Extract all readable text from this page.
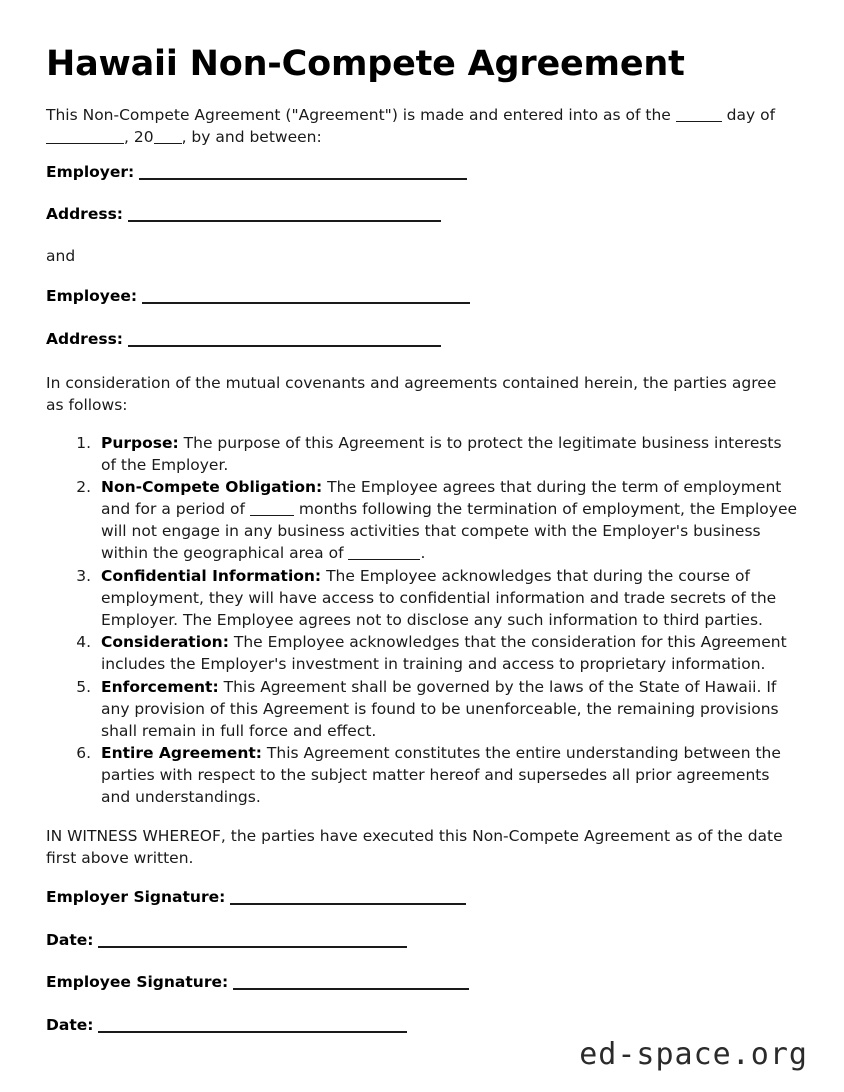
Hawaii Non-Compete Agreement

This Non-Compete Agreement ("Agreement") is made and entered into as of the	day of , 20 , by and between:

Employer:
Address:
and
Employee:
Address:

In consideration of the mutual covenants and agreements contained herein, the parties agree as follows:

1. Purpose: The purpose of this Agreement is to protect the legitimate business interests of the Employer.
2. Non-Compete Obligation: The Employee agrees that during the term of employment and for a period of	months following the termination of employment, the Employee will not engage in any business activities that compete with the Employer's business within the geographical area of	.
3. Confidential Information: The Employee acknowledges that during the course of employment, they will have access to confidential information and trade secrets of the Employer. The Employee agrees not to disclose any such information to third parties.
4. Consideration: The Employee acknowledges that the consideration for this Agreement includes the Employer's investment in training and access to proprietary information.
5. Enforcement: This Agreement shall be governed by the laws of the State of Hawaii. If any provision of this Agreement is found to be unenforceable, the remaining provisions shall remain in full force and effect.
6. Entire Agreement: This Agreement constitutes the entire understanding between the parties with respect to the subject matter hereof and supersedes all prior agreements and understandings.

IN WITNESS WHEREOF, the parties have executed this Non-Compete Agreement as of the date first above written.

Employer Signature:
Date:
Employee Signature:
Date:
ed-space.org
